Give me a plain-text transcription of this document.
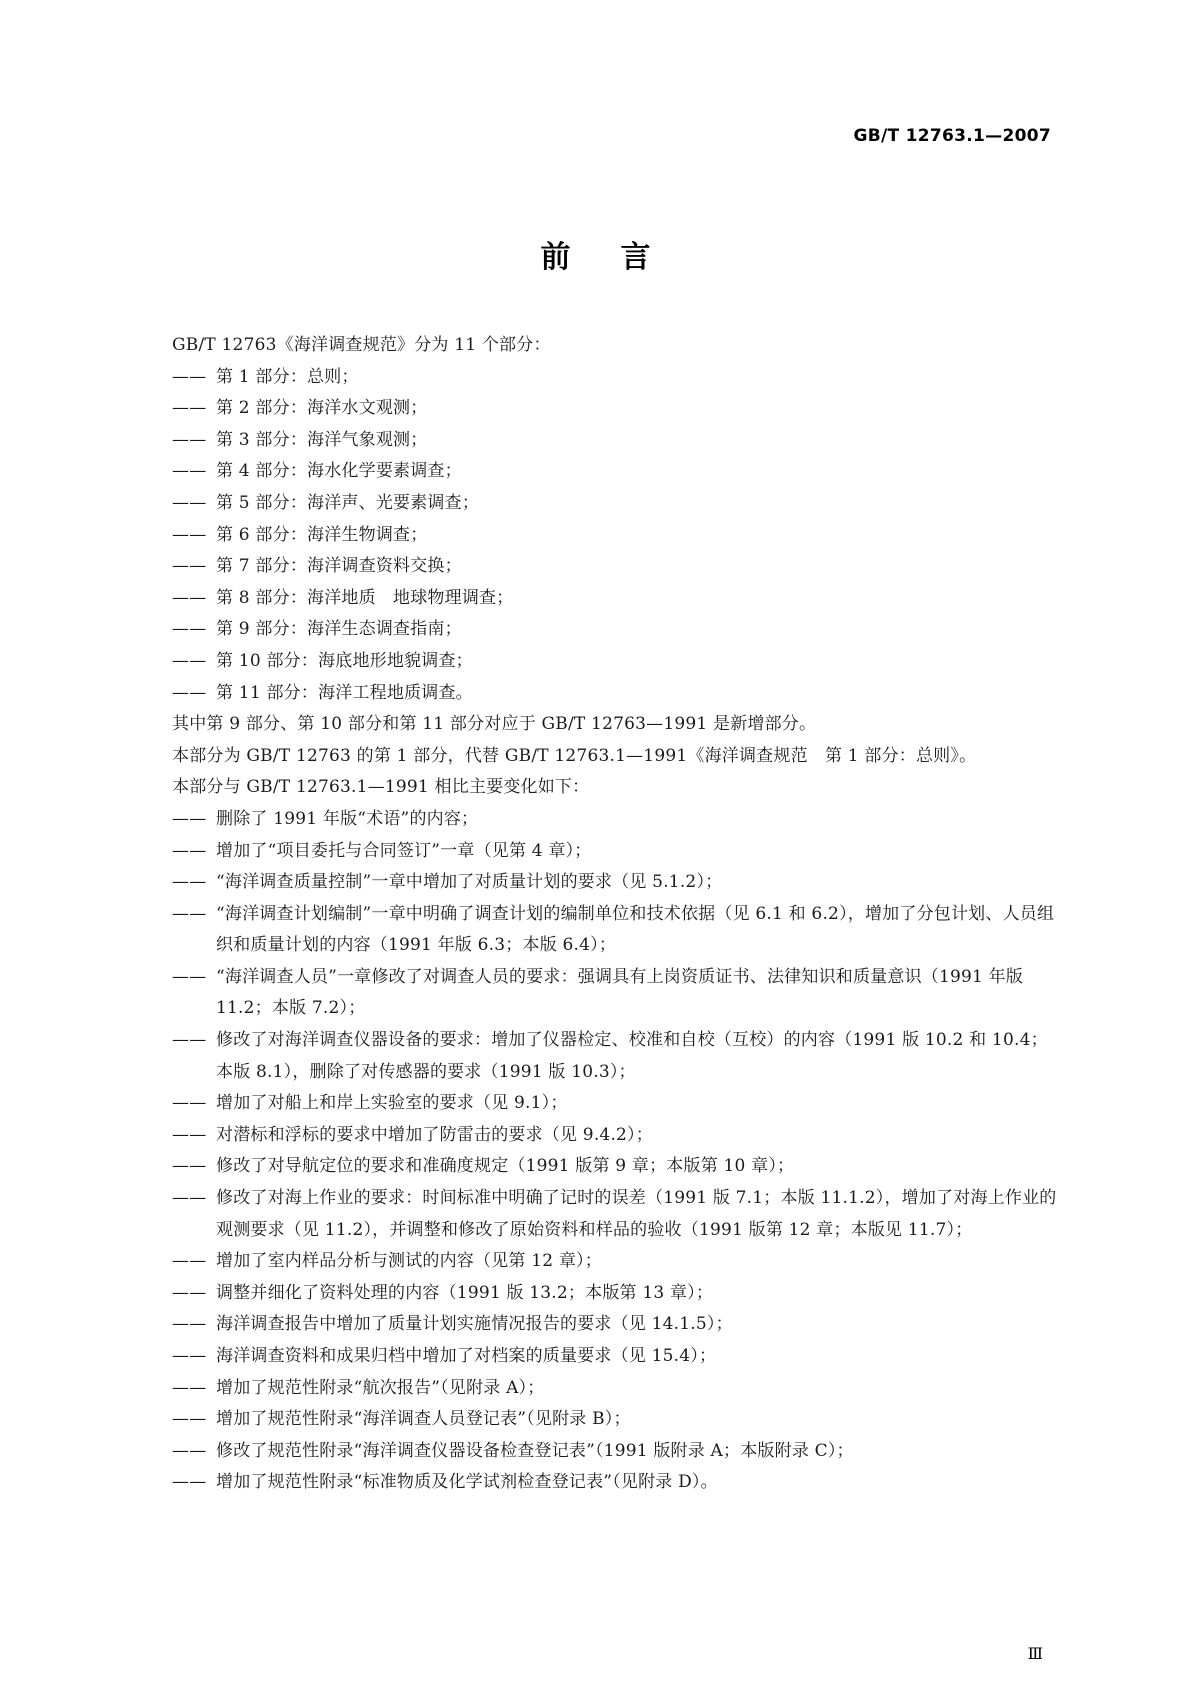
GB/T 12763.1—2007
前言
GB/T 12763《海洋调查规范》分为 11 个部分：
—— 第 1 部分：总则；
—— 第 2 部分：海洋水文观测；
—— 第 3 部分：海洋气象观测；
—— 第 4 部分：海水化学要素调查；
—— 第 5 部分：海洋声、光要素调查；
—— 第 6 部分：海洋生物调查；
—— 第 7 部分：海洋调查资料交换；
—— 第 8 部分：海洋地质　地球物理调查；
—— 第 9 部分：海洋生态调查指南；
—— 第 10 部分：海底地形地貌调查；
—— 第 11 部分：海洋工程地质调查。
其中第 9 部分、第 10 部分和第 11 部分对应于 GB/T 12763—1991 是新增部分。
本部分为 GB/T 12763 的第 1 部分，代替 GB/T 12763.1—1991《海洋调查规范　第 1 部分：总则》。
本部分与 GB/T 12763.1—1991 相比主要变化如下：
—— 删除了 1991 年版“术语”的内容；
—— 增加了“项目委托与合同签订”一章（见第 4 章）；
—— “海洋调查质量控制”一章中增加了对质量计划的要求（见 5.1.2）；
—— “海洋调查计划编制”一章中明确了调查计划的编制单位和技术依据（见 6.1 和 6.2），增加了分包计划、人员组织和质量计划的内容（1991 年版 6.3；本版 6.4）；
—— “海洋调查人员”一章修改了对调查人员的要求：强调具有上岗资质证书、法律知识和质量意识（1991 年版 11.2；本版 7.2）；
—— 修改了对海洋调查仪器设备的要求：增加了仪器检定、校准和自校（互校）的内容（1991 版 10.2 和 10.4；本版 8.1），删除了对传感器的要求（1991 版 10.3）；
—— 增加了对船上和岸上实验室的要求（见 9.1）；
—— 对潜标和浮标的要求中增加了防雷击的要求（见 9.4.2）；
—— 修改了对导航定位的要求和准确度规定（1991 版第 9 章；本版第 10 章）；
—— 修改了对海上作业的要求：时间标准中明确了记时的误差（1991 版 7.1；本版 11.1.2），增加了对海上作业的观测要求（见 11.2），并调整和修改了原始资料和样品的验收（1991 版第 12 章；本版见 11.7）；
—— 增加了室内样品分析与测试的内容（见第 12 章）；
—— 调整并细化了资料处理的内容（1991 版 13.2；本版第 13 章）；
—— 海洋调查报告中增加了质量计划实施情况报告的要求（见 14.1.5）；
—— 海洋调查资料和成果归档中增加了对档案的质量要求（见 15.4）；
—— 增加了规范性附录“航次报告”（见附录 A）；
—— 增加了规范性附录“海洋调查人员登记表”（见附录 B）；
—— 修改了规范性附录“海洋调查仪器设备检查登记表”（1991 版附录 A；本版附录 C）；
—— 增加了规范性附录“标准物质及化学试剂检查登记表”（见附录 D）。
Ⅲ
